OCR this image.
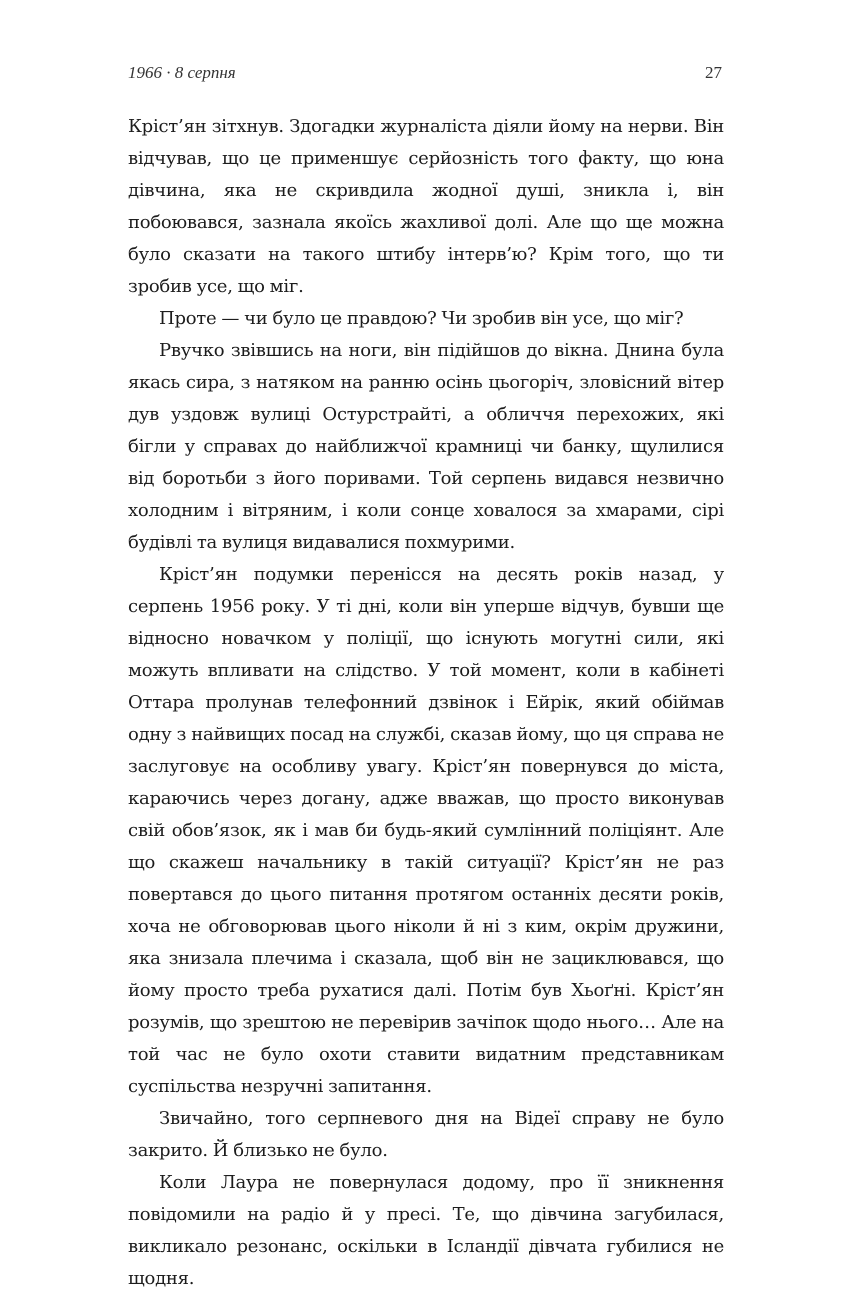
1966 · 8 серпня	27

Кріст’ян зітхнув. Здогадки журналіста діяли йому на нерви. Він відчував, що це применшує серйозність того факту, що юна дівчина, яка не скривдила жодної душі, зникла і, він побоювався, зазнала якоїсь жахливої долі. Але що ще можна було сказати на такого штибу інтерв’ю? Крім того, що ти зробив усе, що міг.

Проте — чи було це правдою? Чи зробив він усе, що міг?

Рвучко звівшись на ноги, він підійшов до вікна. Днина була якась сира, з натяком на ранню осінь цьогоріч, зловісний вітер дув уздовж вулиці Остурстрайті, а обличчя перехожих, які бігли у справах до найближчої крамниці чи банку, щулилися від боротьби з його поривами. Той серпень видався незвично холодним і вітряним, і коли сонце ховалося за хмарами, сірі будівлі та вулиця видавалися похмурими.

Кріст’ян подумки перенісся на десять років назад, у серпень 1956 року. У ті дні, коли він уперше відчув, бувши ще відносно новачком у поліції, що існують могутні сили, які можуть впливати на слідство. У той момент, коли в кабінеті Оттара пролунав телефонний дзвінок і Ейрік, який обіймав одну з найвищих посад на службі, сказав йому, що ця справа не заслуговує на особливу увагу. Кріст’ян повернувся до міста, караючись через догану, адже вважав, що просто виконував свій обов’язок, як і мав би будь-який сумлінний поліціянт. Але що скажеш начальнику в такій ситуації? Кріст’ян не раз повертався до цього питання протягом останніх десяти років, хоча не обговорював цього ніколи й ні з ким, окрім дружини, яка знизала плечима і сказала, щоб він не зациклювався, що йому просто треба рухатися далі. Потім був Хьоґні. Кріст’ян розумів, що зрештою не перевірив зачіпок щодо нього… Але на той час не було охоти ставити видатним представникам суспільства незручні запитання.

Звичайно, того серпневого дня на Відеї справу не було закрито. Й близько не було.

Коли Лаура не повернулася додому, про її зникнення повідомили на радіо й у пресі. Те, що дівчина загубилася, викликало резонанс, оскільки в Ісландії дівчата губилися не щодня.
